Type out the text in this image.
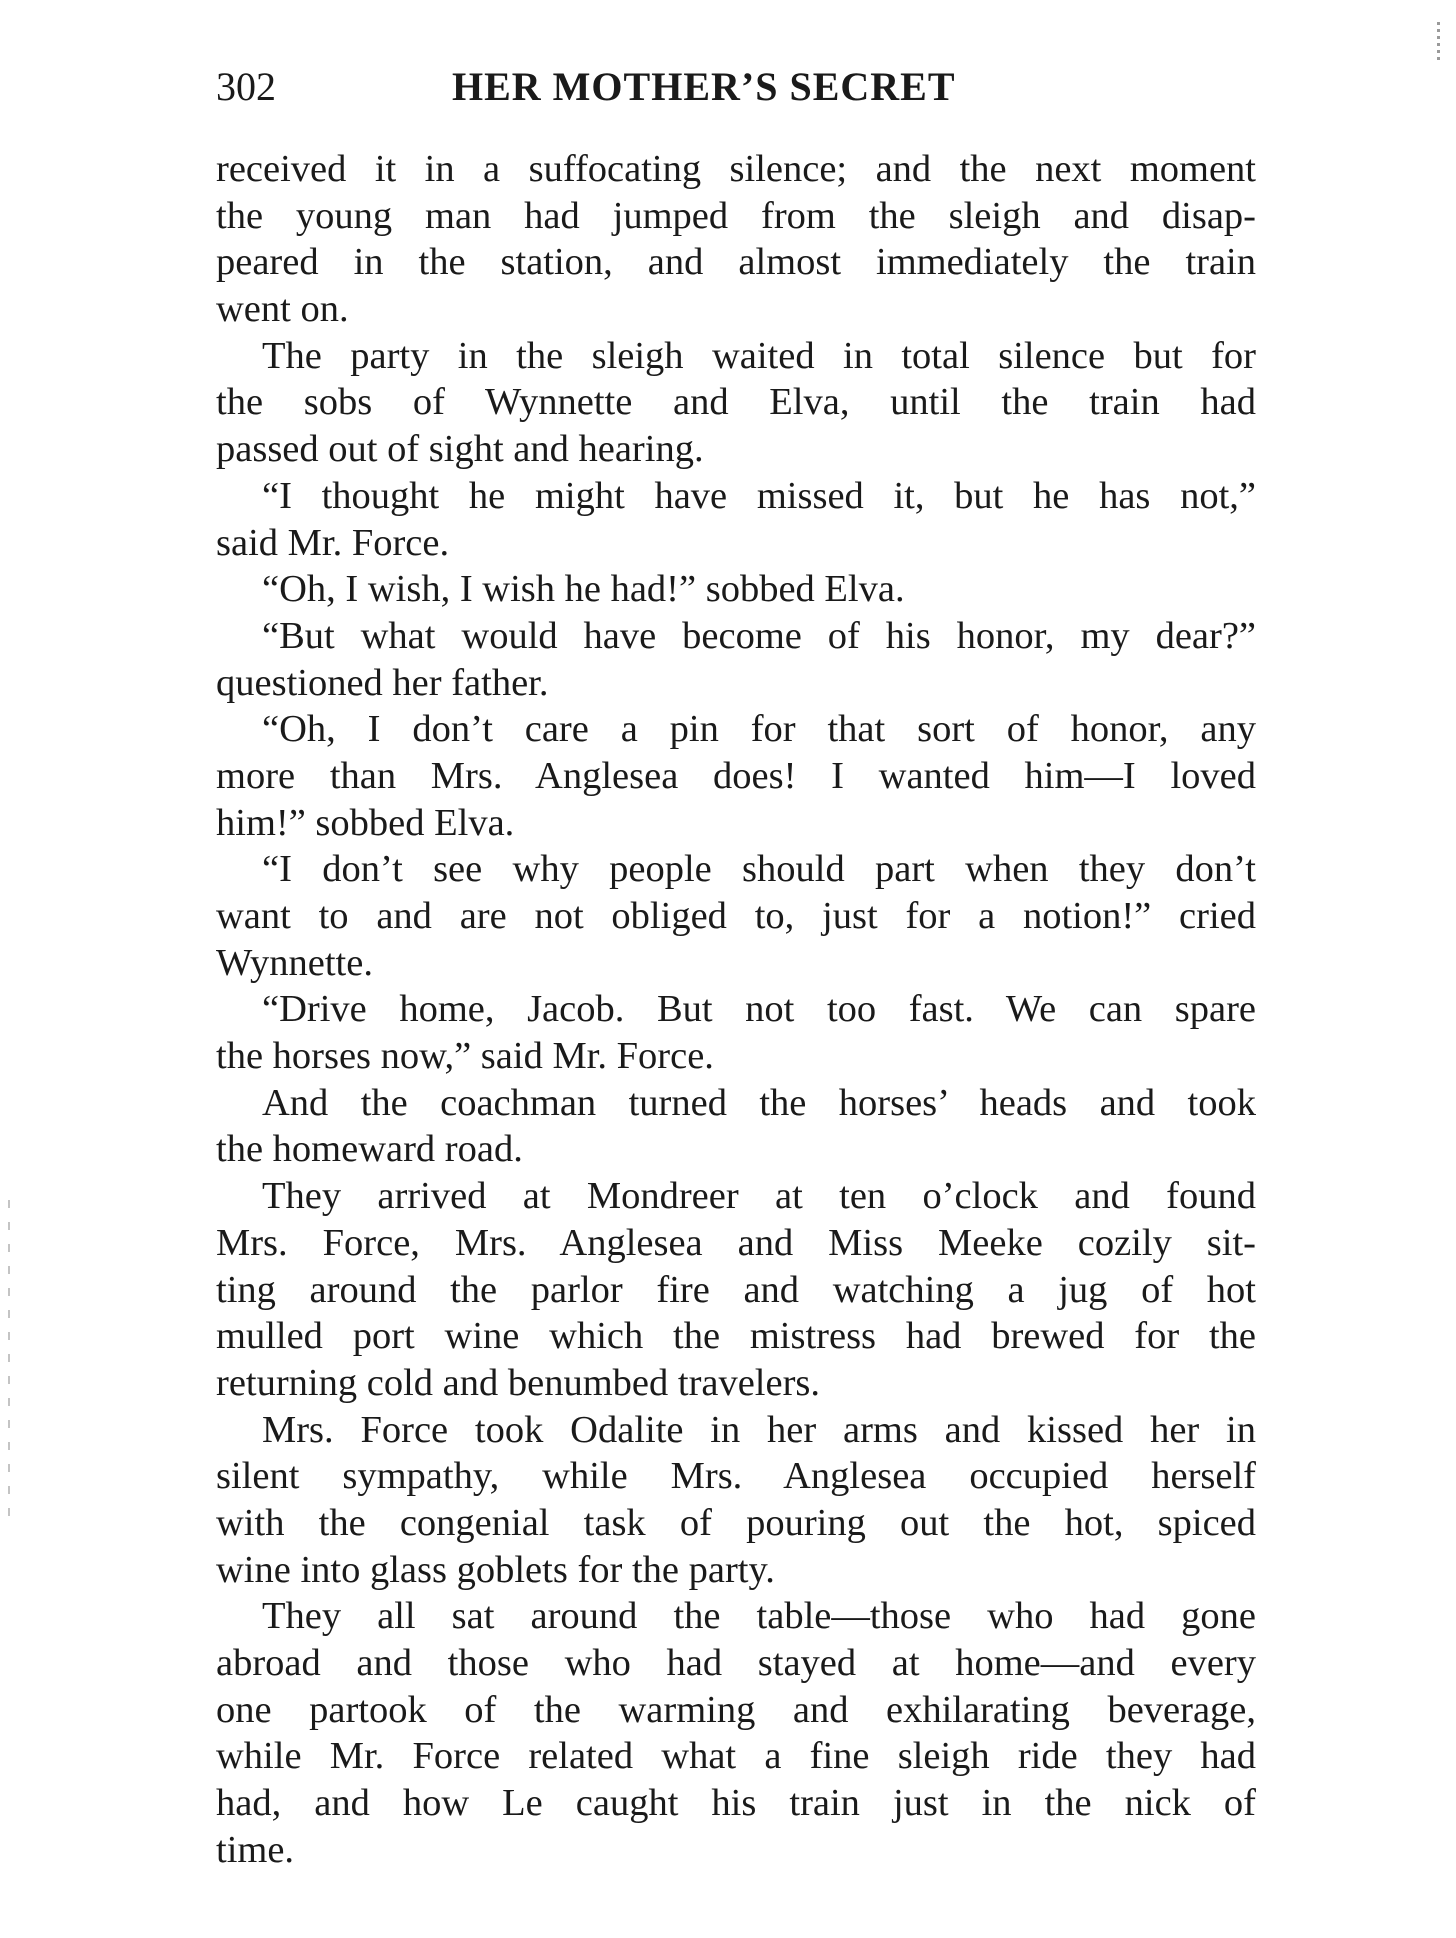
302	HER MOTHER’S SECRET
received it in a suffocating silence; and the next moment
the young man had jumped from the sleigh and disap-
peared in the station, and almost immediately the train
went on.
The party in the sleigh waited in total silence but for
the sobs of Wynnette and Elva, until the train had
passed out of sight and hearing.
“I thought he might have missed it, but he has not,”
said Mr. Force.
“Oh, I wish, I wish he had!” sobbed Elva.
“But what would have become of his honor, my dear?”
questioned her father.
“Oh, I don’t care a pin for that sort of honor, any
more than Mrs. Anglesea does! I wanted him—I loved
him!” sobbed Elva.
“I don’t see why people should part when they don’t
want to and are not obliged to, just for a notion!” cried
Wynnette.
“Drive home, Jacob. But not too fast. We can spare
the horses now,” said Mr. Force.
And the coachman turned the horses’ heads and took
the homeward road.
They arrived at Mondreer at ten o’clock and found
Mrs. Force, Mrs. Anglesea and Miss Meeke cozily sit-
ting around the parlor fire and watching a jug of hot
mulled port wine which the mistress had brewed for the
returning cold and benumbed travelers.
Mrs. Force took Odalite in her arms and kissed her in
silent sympathy, while Mrs. Anglesea occupied herself
with the congenial task of pouring out the hot, spiced
wine into glass goblets for the party.
They all sat around the table—those who had gone
abroad and those who had stayed at home—and every
one partook of the warming and exhilarating beverage,
while Mr. Force related what a fine sleigh ride they had
had, and how Le caught his train just in the nick of
time.
